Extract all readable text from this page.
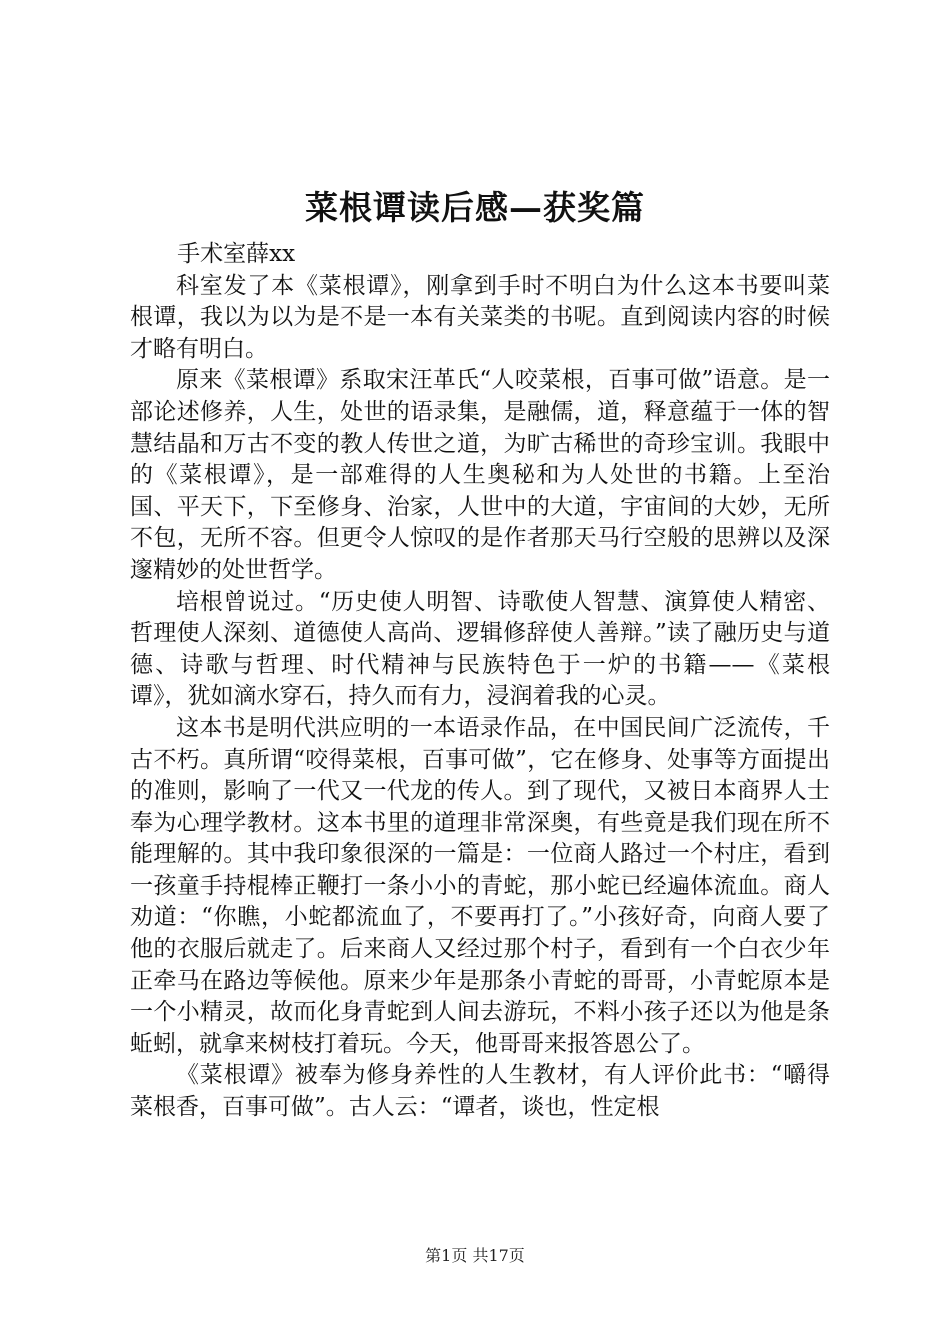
菜根谭读后感—获奖篇

手术室薛xx

科室发了本《菜根谭》，刚拿到手时不明白为什么这本书要叫菜根谭，我以为以为是不是一本有关菜类的书呢。直到阅读内容的时候才略有明白。

原来《菜根谭》系取宋汪革氏“人咬菜根，百事可做”语意。是一部论述修养，人生，处世的语录集，是融儒，道，释意蕴于一体的智慧结晶和万古不变的教人传世之道，为旷古稀世的奇珍宝训。我眼中的《菜根谭》，是一部难得的人生奥秘和为人处世的书籍。上至治国、平天下，下至修身、治家，人世中的大道，宇宙间的大妙，无所不包，无所不容。但更令人惊叹的是作者那天马行空般的思辨以及深邃精妙的处世哲学。

培根曾说过。“历史使人明智、诗歌使人智慧、演算使人精密、哲理使人深刻、道德使人高尚、逻辑修辞使人善辩。”读了融历史与道德、诗歌与哲理、时代精神与民族特色于一炉的书籍——《菜根谭》，犹如滴水穿石，持久而有力，浸润着我的心灵。

这本书是明代洪应明的一本语录作品，在中国民间广泛流传，千古不朽。真所谓“咬得菜根，百事可做”，它在修身、处事等方面提出的准则，影响了一代又一代龙的传人。到了现代，又被日本商界人士奉为心理学教材。这本书里的道理非常深奥，有些竟是我们现在所不能理解的。其中我印象很深的一篇是：一位商人路过一个村庄，看到一孩童手持棍棒正鞭打一条小小的青蛇，那小蛇已经遍体流血。商人劝道：“你瞧，小蛇都流血了，不要再打了。”小孩好奇，向商人要了他的衣服后就走了。后来商人又经过那个村子，看到有一个白衣少年正牵马在路边等候他。原来少年是那条小青蛇的哥哥，小青蛇原本是一个小精灵，故而化身青蛇到人间去游玩，不料小孩子还以为他是条蚯蚓，就拿来树枝打着玩。今天，他哥哥来报答恩公了。

《菜根谭》被奉为修身养性的人生教材，有人评价此书：“嚼得菜根香，百事可做”。古人云：“谭者，谈也，性定根

第1页 共17页
